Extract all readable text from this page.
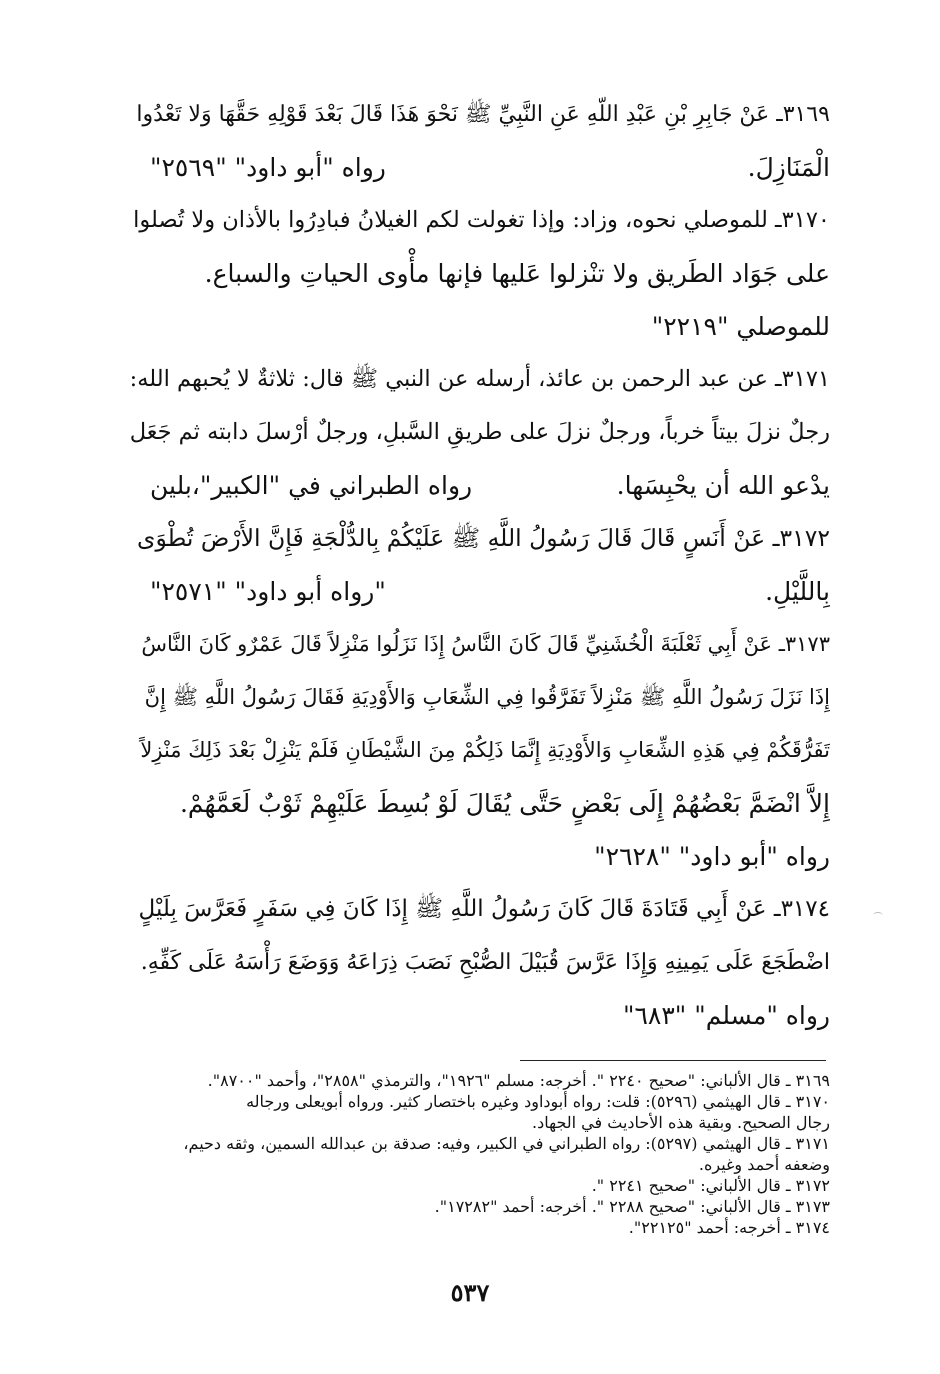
٣١٦٩ـ عَنْ جَابِرِ بْنِ عَبْدِ اللّهِ عَنِ النَّبِيِّ ﷺ نَحْوَ هَذَا قَالَ بَعْدَ قَوْلِهِ حَقَّهَا وَلا تَعْدُوا
الْمَنَازِلَ.
رواه "أبو داود" "٢٥٦٩"
٣١٧٠ـ للموصلي نحوه، وزاد: وإذا تغولت لكم الغيلانُ فبادِرُوا بالأذان ولا تُصلوا
على جَوَاد الطَريق ولا تنْزلوا عَليها فإنها مأْوى الحياتِ والسباع.
للموصلي "٢٢١٩"
٣١٧١ـ عن عبد الرحمن بن عائذ، أرسله عن النبي ﷺ قال: ثلاثةٌ لا يُحبهم الله:
رجلٌ نزلَ بيتاً خرباً، ورجلٌ نزلَ على طريقِ السَّبلِ، ورجلٌ أرْسلَ دابته ثم جَعَل
يدْعو الله أن يحْبِسَها.
رواه الطبراني في "الكبير"،بلين
٣١٧٢ـ عَنْ أَنَسٍ قَالَ قَالَ رَسُولُ اللَّهِ ﷺ عَلَيْكُمْ بِالدُّلْجَةِ فَإِنَّ الأَرْضَ تُطْوَى
بِاللَّيْلِ.
"رواه أبو داود" "٢٥٧١"
٣١٧٣ـ عَنْ أَبِي ثَعْلَبَةَ الْخُشَنِيِّ قَالَ كَانَ النَّاسُ إِذَا نَزَلُوا مَنْزِلاً قَالَ عَمْرٌو كَانَ النَّاسُ
إِذَا نَزَلَ رَسُولُ اللَّهِ ﷺ مَنْزِلاً تَفَرَّقُوا فِي الشِّعَابِ وَالأَوْدِيَةِ فَقَالَ رَسُولُ اللَّهِ ﷺ إِنَّ
تَفَرُّقَكُمْ فِي هَذِهِ الشِّعَابِ وَالأَوْدِيَةِ إِنَّمَا ذَلِكُمْ مِنَ الشَّيْطَانِ فَلَمْ يَنْزِلْ بَعْدَ ذَلِكَ مَنْزِلاً
إِلاَّ انْضَمَّ بَعْضُهُمْ إِلَى بَعْضٍ حَتَّى يُقَالَ لَوْ بُسِطَ عَلَيْهِمْ ثَوْبٌ لَعَمَّهُمْ.
رواه "أبو داود" "٢٦٢٨"
٣١٧٤ـ عَنْ أَبِي قَتَادَةَ قَالَ كَانَ رَسُولُ اللَّهِ ﷺ إِذَا كَانَ فِي سَفَرٍ فَعَرَّسَ بِلَيْلٍ
اضْطَجَعَ عَلَى يَمِينِهِ وَإِذَا عَرَّسَ قُبَيْلَ الصُّبْحِ نَصَبَ ذِرَاعَهُ وَوَضَعَ رَأْسَهُ عَلَى كَفِّهِ.
رواه "مسلم" "٦٨٣"
٣١٦٩ ـ قال الألباني: "صحيح ٢٢٤٠ ". أخرجه: مسلم "١٩٢٦"، والترمذي "٢٨٥٨"، وأحمد "٨٧٠٠".
٣١٧٠ ـ قال الهيثمي (٥٢٩٦): قلت: رواه أبوداود وغيره باختصار كثير. ورواه أبويعلى ورجاله
رجال الصحيح. وبقية هذه الأحاديث في الجهاد.
٣١٧١ ـ قال الهيثمي (٥٢٩٧): رواه الطبراني في الكبير، وفيه: صدقة بن عبدالله السمين، وثقه دحيم،
وضعفه أحمد وغيره.
٣١٧٢ ـ قال الألباني: "صحيح ٢٢٤١ ".
٣١٧٣ ـ قال الألباني: "صحيح ٢٢٨٨ ". أخرجه: أحمد "١٧٢٨٢".
٣١٧٤ ـ أخرجه: أحمد "٢٢١٢٥".
٥٣٧
